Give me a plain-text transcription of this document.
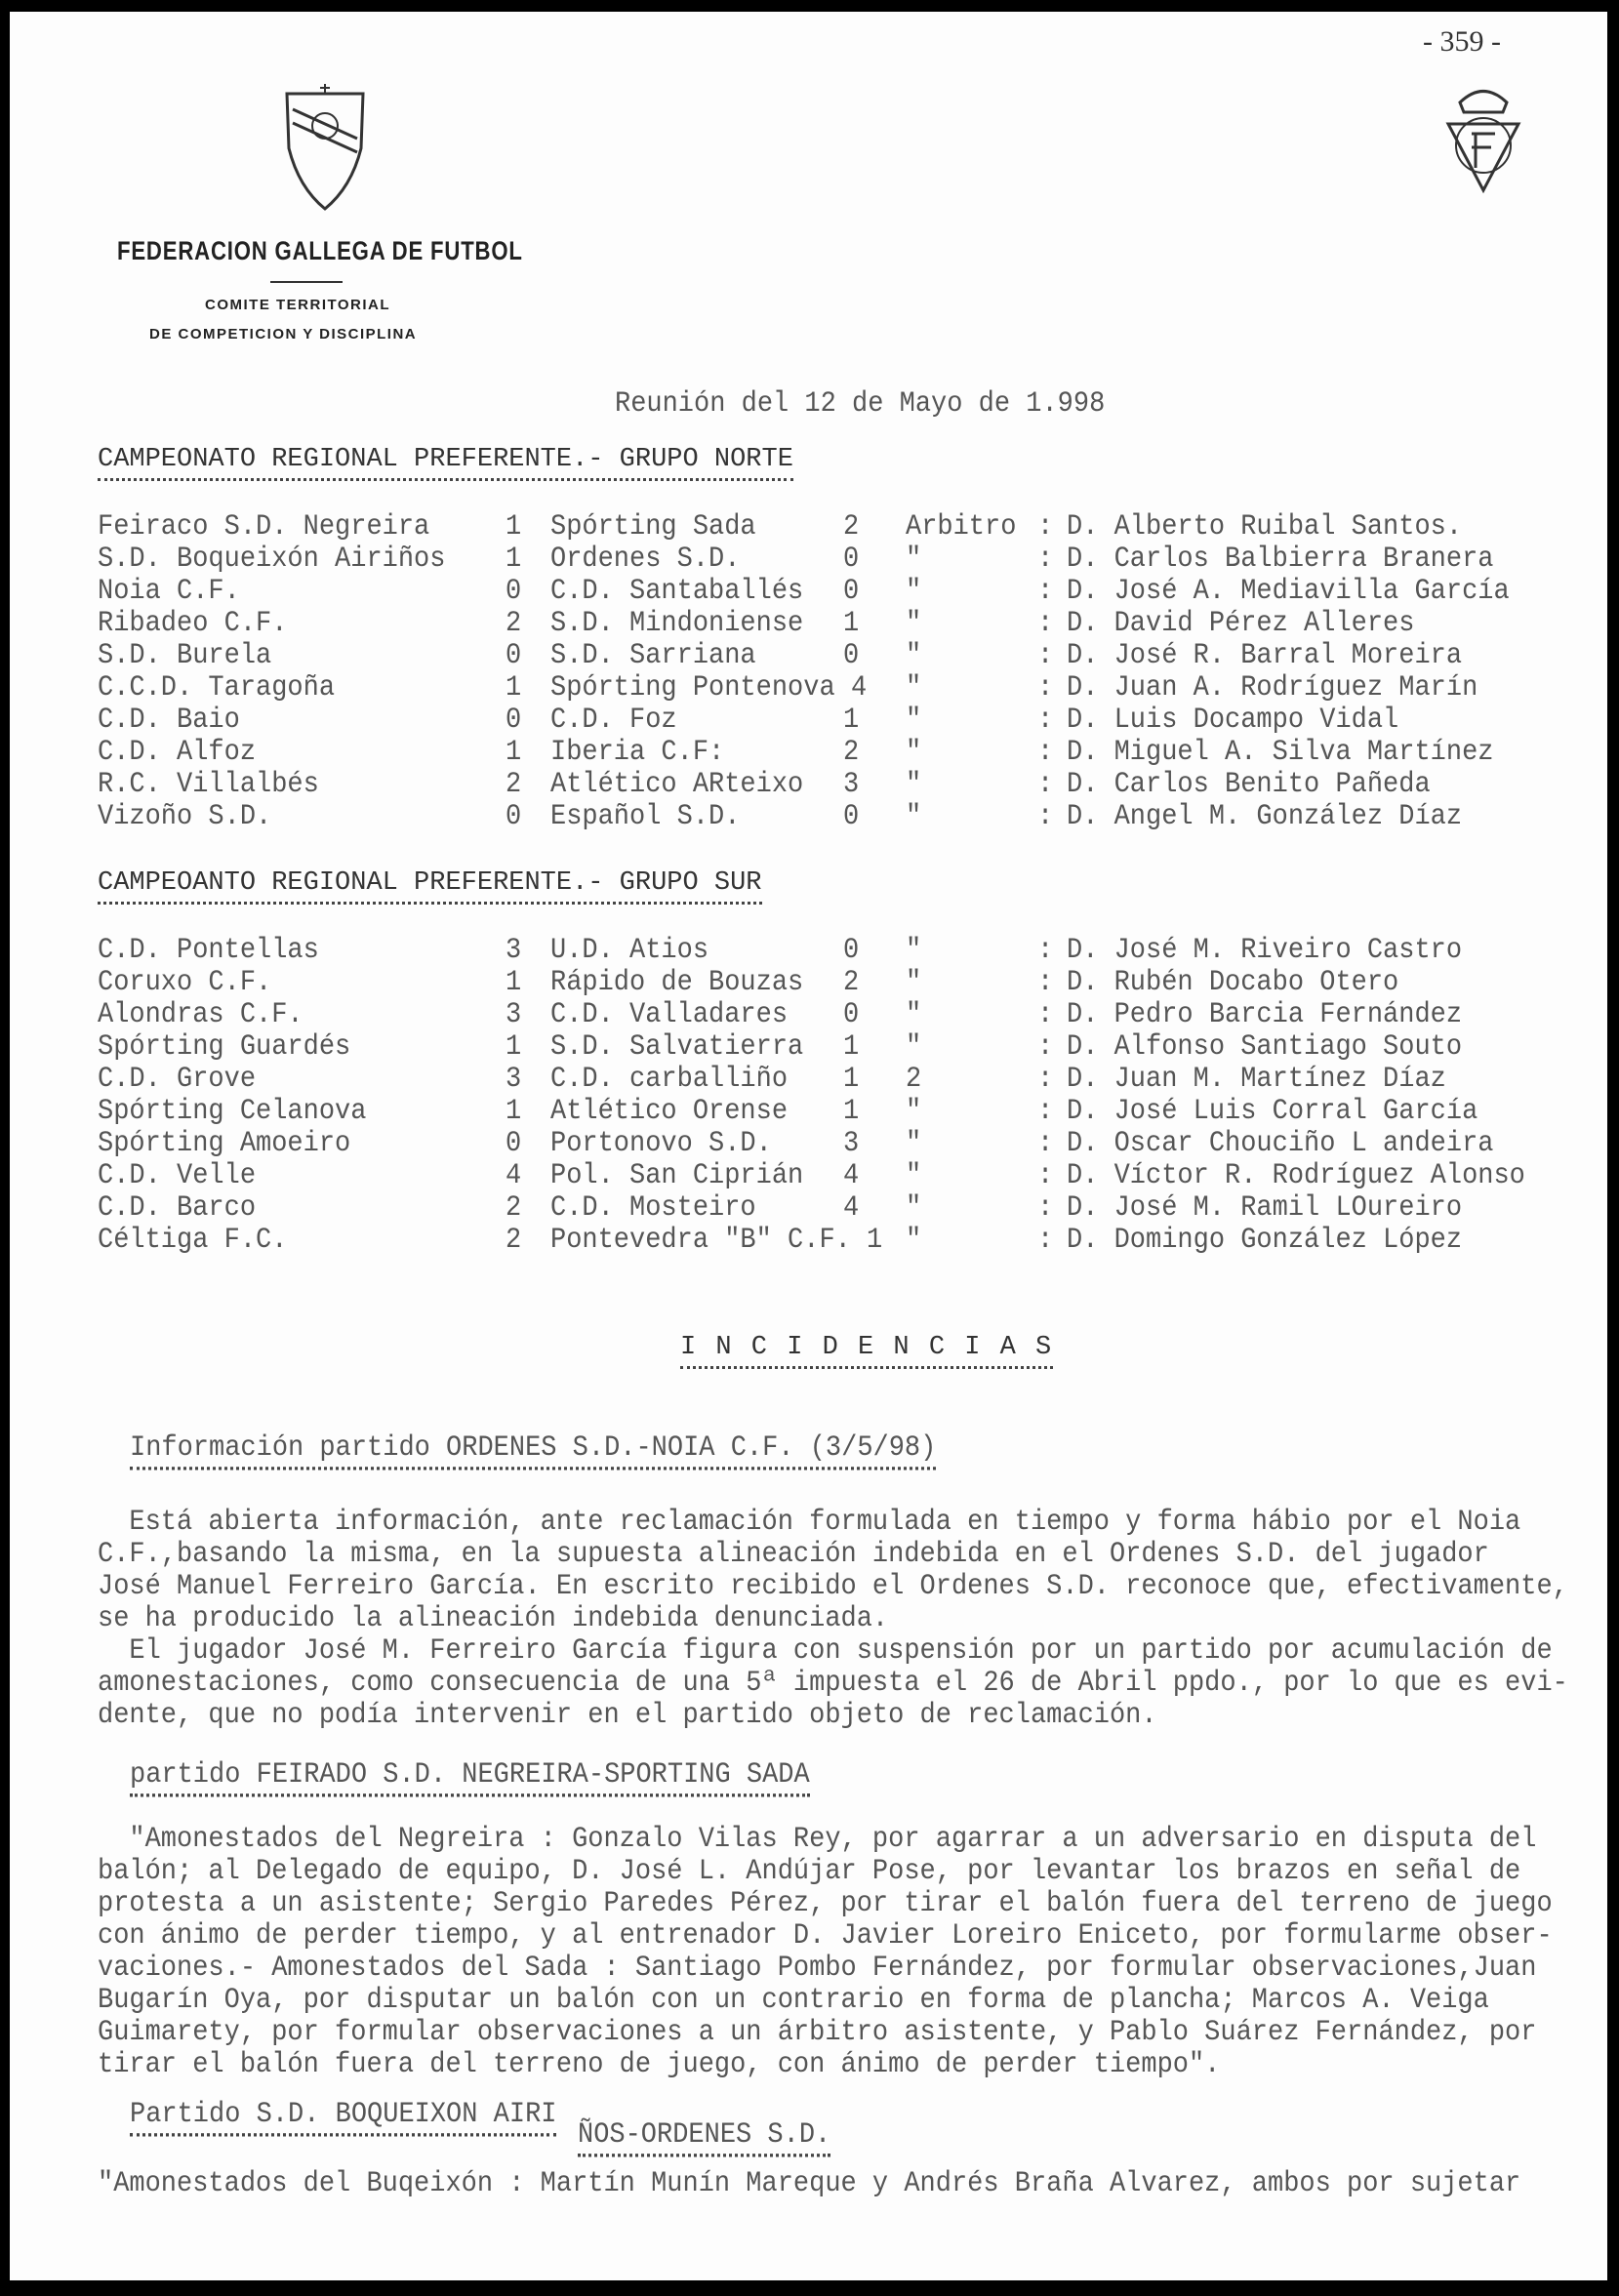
- 359 -
FEDERACION GALLEGA DE FUTBOL
COMITE TERRITORIAL
DE COMPETICION Y DISCIPLINA
Reunión del 12 de Mayo de 1.998
CAMPEONATO REGIONAL PREFERENTE.- GRUPO NORTE
CAMPEOANTO REGIONAL PREFERENTE.- GRUPO SUR
I N C I D E N C I A S
Información partido ORDENES S.D.-NOIA C.F. (3/5/98)
Partido S.D. BOQUEIXON AIRI
ÑOS-ORDENES S.D.
partido FEIRADO S.D. NEGREIRA-SPORTING SADA
Feiraco S.D. Negreira	1 Spórting Sada	2 Arbitro : D. Alberto Ruibal Santos.
S.D. Boqueixón Airiños 1 Ordenes S.D.	0 "	: D. Carlos Balbierra Branera
Noia C.F.	0 C.D. Santaballés 0 "	: D. José A. Mediavilla García
Ribadeo C.F.	2 S.D. Mindoniense 1 "	: D. David Pérez Alleres
S.D. Burela	0 S.D. Sarriana	0 "	: D. José R. Barral Moreira
C.C.D. Taragoña	1 Spórting Pontenova 4 "	: D. Juan A. Rodríguez Marín
C.D. Baio	0 C.D. Foz	1 "	: D. Luis Docampo Vidal
C.D. Alfoz	1 Iberia C.F:	2 "	: D. Miguel A. Silva Martínez
R.C. Villalbés	2 Atlético ARteixo 3 "	: D. Carlos Benito Pañeda
Vizoño S.D.	0 Español S.D.	0 "	: D. Angel M. González Díaz
C.D. Pontellas	3 U.D. Atios	0 "	: D. José M. Riveiro Castro
Coruxo C.F.	1 Rápido de Bouzas 2 "	: D. Rubén Docabo Otero
Alondras C.F.	3 C.D. Valladares 0 "	: D. Pedro Barcia Fernández
Spórting Guardés	1 S.D. Salvatierra 1 "	: D. Alfonso Santiago Souto
C.D. Grove	3 C.D. carballiño 1 2	: D. Juan M. Martínez Díaz
Spórting Celanova	1 Atlético Orense 1 "	: D. José Luis Corral García
Spórting Amoeiro	0 Portonovo S.D.	3 "	: D. Oscar Chouciño L andeira
C.D. Velle	4 Pol. San Ciprián 4 "	: D. Víctor R. Rodríguez Alonso
C.D. Barco	2 C.D. Mosteiro	4 "	: D. José M. Ramil LOureiro
Céltiga F.C.	2 Pontevedra "B" C.F. 1 "	: D. Domingo González López
Está abierta información, ante reclamación formulada en tiempo y forma hábio por el Noia
C.F.,basando la misma, en la supuesta alineación indebida en el Ordenes S.D. del jugador
José Manuel Ferreiro García. En escrito recibido el Ordenes S.D. reconoce que, efectivamente,
se ha producido la alineación indebida denunciada.
El jugador José M. Ferreiro García figura con suspensión por un partido por acumulación de
amonestaciones, como consecuencia de una 5ª impuesta el 26 de Abril ppdo., por lo que es evi-
dente, que no podía intervenir en el partido objeto de reclamación.
"Amonestados del Negreira : Gonzalo Vilas Rey, por agarrar a un adversario en disputa del
balón; al Delegado de equipo, D. José L. Andújar Pose, por levantar los brazos en señal de
protesta a un asistente; Sergio Paredes Pérez, por tirar el balón fuera del terreno de juego
con ánimo de perder tiempo, y al entrenador D. Javier Loreiro Eniceto, por formularme obser-
vaciones.- Amonestados del Sada : Santiago Pombo Fernández, por formular observaciones,Juan
Bugarín Oya, por disputar un balón con un contrario en forma de plancha; Marcos A. Veiga
Guimarety, por formular observaciones a un árbitro asistente, y Pablo Suárez Fernández, por
tirar el balón fuera del terreno de juego, con ánimo de perder tiempo".
"Amonestados del Buqeixón : Martín Munín Mareque y Andrés Braña Alvarez, ambos por sujetar
